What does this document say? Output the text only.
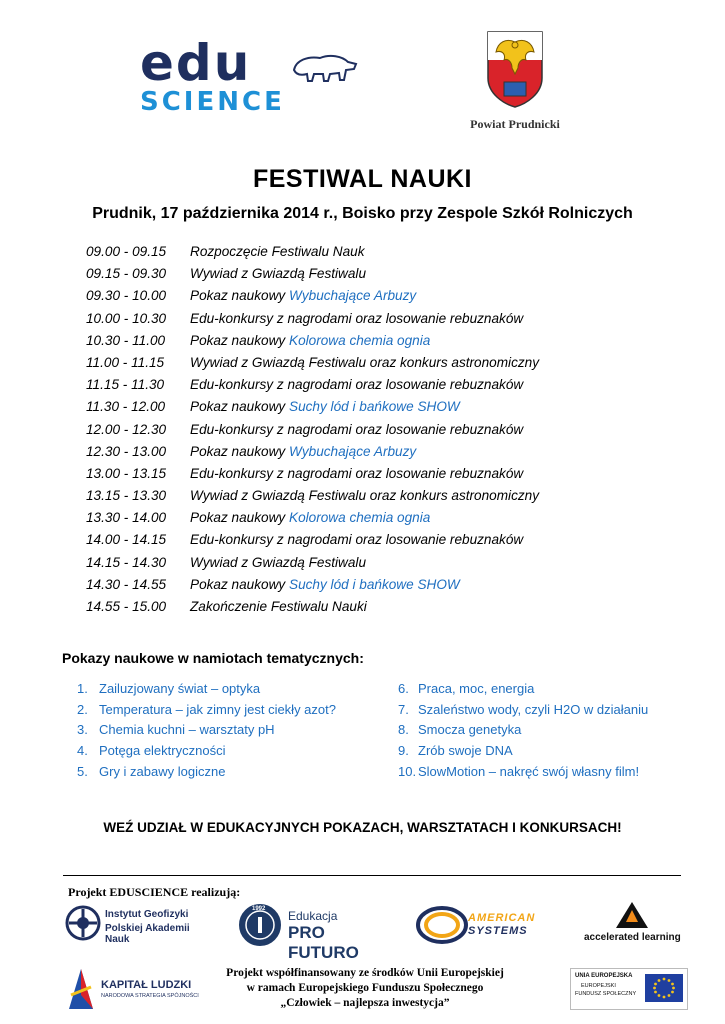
edu
SCIENCE
Powiat Prudnicki
FESTIWAL NAUKI
Prudnik, 17 października 2014 r., Boisko przy Zespole Szkół Rolniczych
09.00 - 09.15 Rozpoczęcie Festiwalu Nauk
09.15 - 09.30 Wywiad z Gwiazdą Festiwalu
09.30 - 10.00 Pokaz naukowy Wybuchające Arbuzy
10.00 - 10.30 Edu-konkursy z nagrodami oraz losowanie rebuznaków
10.30 - 11.00 Pokaz naukowy Kolorowa chemia ognia
11.00 - 11.15 Wywiad z Gwiazdą Festiwalu oraz konkurs astronomiczny
11.15 - 11.30 Edu-konkursy z nagrodami oraz losowanie rebuznaków
11.30 - 12.00 Pokaz naukowy Suchy lód i bańkowe SHOW
12.00 - 12.30 Edu-konkursy z nagrodami oraz losowanie rebuznaków
12.30 - 13.00 Pokaz naukowy Wybuchające Arbuzy
13.00 - 13.15 Edu-konkursy z nagrodami oraz losowanie rebuznaków
13.15 - 13.30 Wywiad z Gwiazdą Festiwalu oraz konkurs astronomiczny
13.30 - 14.00 Pokaz naukowy Kolorowa chemia ognia
14.00 - 14.15 Edu-konkursy z nagrodami oraz losowanie rebuznaków
14.15 - 14.30 Wywiad z Gwiazdą Festiwalu
14.30 - 14.55 Pokaz naukowy Suchy lód i bańkowe SHOW
14.55 - 15.00 Zakończenie Festiwalu Nauki
Pokazy naukowe w namiotach tematycznych:
1. Zailuzjowany świat – optyka
2. Temperatura – jak zimny jest ciekły azot?
3. Chemia kuchni – warsztaty pH
4. Potęga elektryczności
5. Gry i zabawy logiczne
6. Praca, moc, energia
7. Szaleństwo wody, czyli H2O w działaniu
8. Smocza genetyka
9. Zrób swoje DNA
10. SlowMotion – nakręć swój własny film!
WEŹ UDZIAŁ W EDUKACYJNYCH POKAZACH, WARSZTATACH I KONKURSACH!
Projekt EDUSCIENCE realizują:
Instytut Geofizyki
Polskiej Akademii Nauk
1992 Edukacja
PRO FUTURO
AMERICAN
SYSTEMS
accelerated learning
KAPITAŁ LUDZKI
NARODOWA STRATEGIA SPÓJNOŚCI
Projekt współfinansowany ze środków Unii Europejskiej
w ramach Europejskiego Funduszu Społecznego
„Człowiek – najlepsza inwestycja”
UNIA EUROPEJSKA
EUROPEJSKI
FUNDUSZ SPOŁECZNY
